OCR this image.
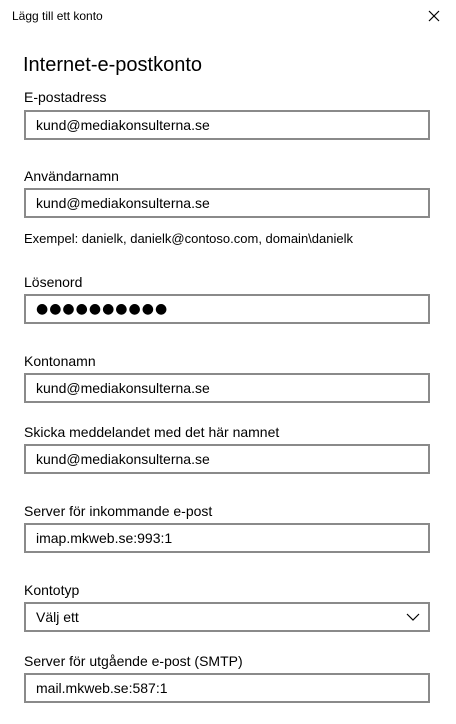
Lägg till ett konto
Internet-e-postkonto
E-postadress
kund@mediakonsulterna.se
Användarnamn
kund@mediakonsulterna.se
Exempel: danielk, danielk@contoso.com, domain\danielk
Lösenord
●●●●●●●●●●
Kontonamn
kund@mediakonsulterna.se
Skicka meddelandet med det här namnet
kund@mediakonsulterna.se
Server för inkommande e-post
imap.mkweb.se:993:1
Kontotyp
Välj ett
Server för utgående e-post (SMTP)
mail.mkweb.se:587:1
